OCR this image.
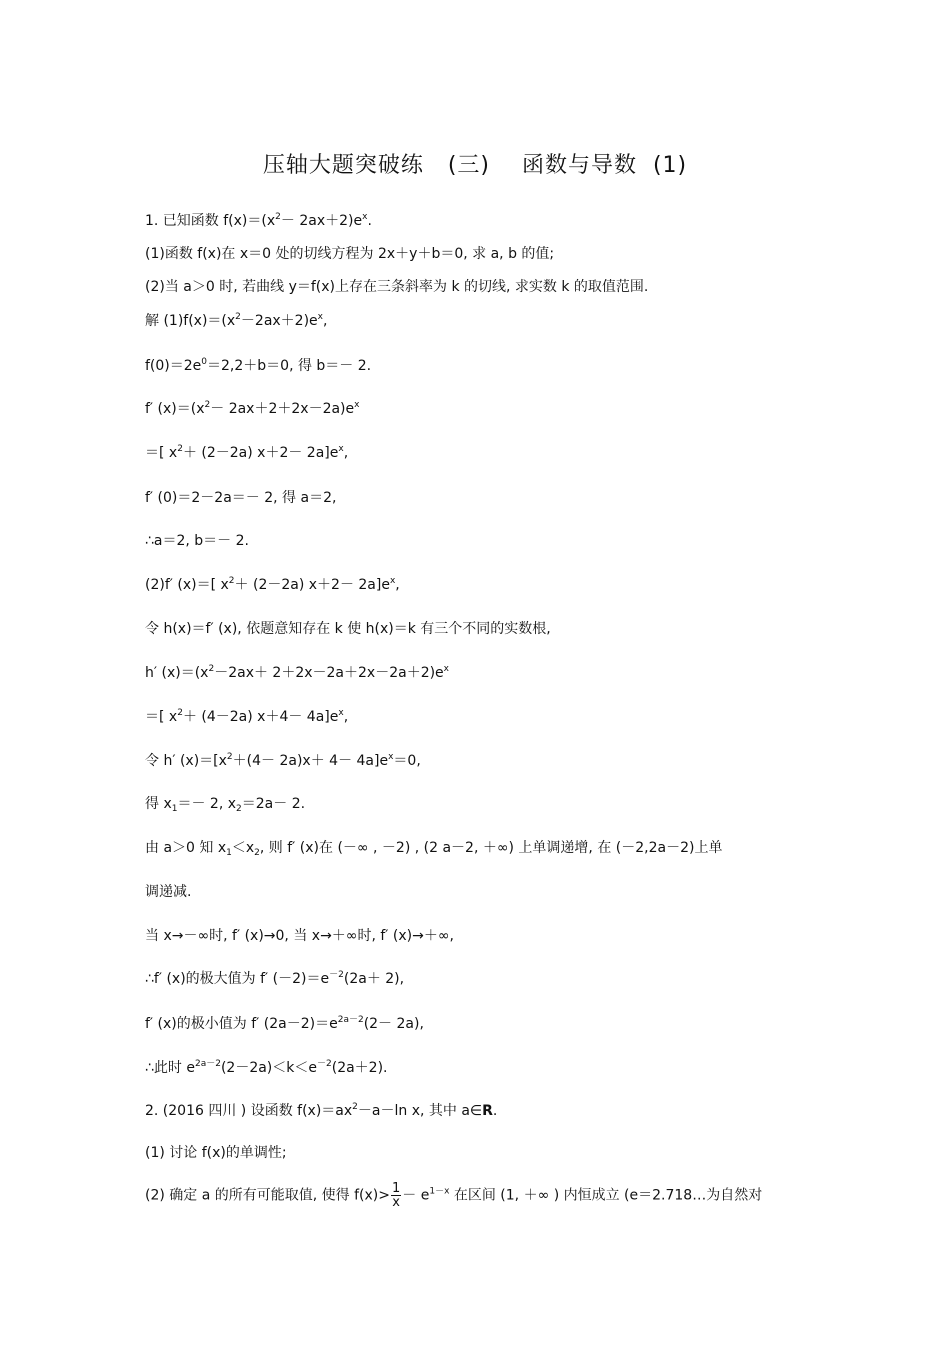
压轴大题突破练   (三)    函数与导数  (1)
1. 已知函数 $f(x)=(x^2- 2ax+2)e^x$.
(1)函数 f(x)在 x＝0 处的切线方程为 2x＋y＋b＝0, 求 a, b 的值;
(2)当 a＞0 时, 若曲线 y＝f(x)上存在三条斜率为 k 的切线, 求实数 k 的取值范围.
解 $(1)f(x)=(x^2-2ax+2)e^x$,
$f(0)=2e^0=2,2+b=0$, 得 b＝－ 2.
f′ $(x)=(x^2- 2ax+2+2x-2a)e^x$
＝[ $x^2+ (2-2a)$ $x+2- 2a]e^x$,
f′ (0)＝2－2a＝－ 2, 得 a＝2,
∴a＝2, b＝－ 2.
(2)f′ (x)＝[ $x^2+ (2-2a)$ $x+2- 2a]e^x$,
令 h(x)＝f′ (x), 依题意知存在 k 使 h(x)＝k 有三个不同的实数根,
h′ $(x)=(x^2-2ax+ 2+2x-2a+2x-2a+2)e^x$
＝[ $x^2+ (4-2a)$ $x+4- 4a]e^x$,
令 h′ $(x)=[x^2+(4- 2a)x+ 4- 4a]e^x=0$,
得 $x_1=- 2$, $x_2=2a- 2$.
由 a＞0 知 $x_1<x_2$, 则 f′ (x)在 (－∞ , －2) , (2 a－2, ＋∞) 上单调递增, 在 (－2,2a－2)上单
调递减.
当 x→－∞时, f′ (x)→0, 当 x→＋∞时, f′ (x)→＋∞,
∴f′ (x)的极大值为 f′ $(-2)=e^{-2}(2a+ 2)$,
f′ (x)的极小值为 f′ $(2a-2)=e^{2a-2}(2- 2a)$,
∴此时 $e^{2a-2}(2-2a)<k<e^{-2}(2a+2)$.
2. (2016 四川 ) 设函数 $f(x)=ax^2-a-\ln$ x, 其中 a∈R.
(1) 讨论 f(x)的单调性;
(2) 确定 a 的所有可能取值, 使得 $f(x)> \frac{1}{x} - e^{1-x}$ 在区间 (1, ＋∞ ) 内恒成立 (e＝2.718…为自然对
